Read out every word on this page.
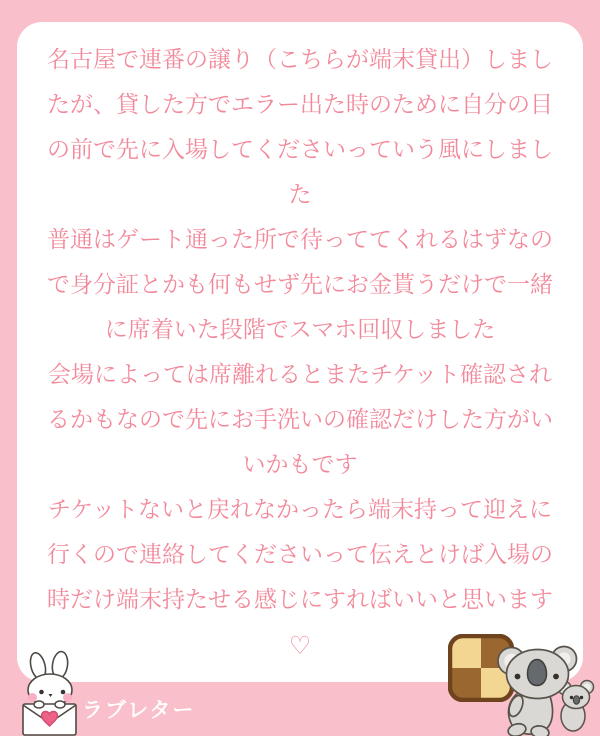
名古屋で連番の譲り（こちらが端末貸出）しましたが、貸した方でエラー出た時のために自分の目の前で先に入場してくださいっていう風にしました

普通はゲート通った所で待っててくれるはずなので身分証とかも何もせず先にお金貰うだけで一緒に席着いた段階でスマホ回収しました

会場によっては席離れるとまたチケット確認されるかもなので先にお手洗いの確認だけした方がいいかもです

チケットないと戻れなかったら端末持って迎えに行くので連絡してくださいって伝えとけば入場の時だけ端末持たせる感じにすればいいと思います

♡
ラブレター
